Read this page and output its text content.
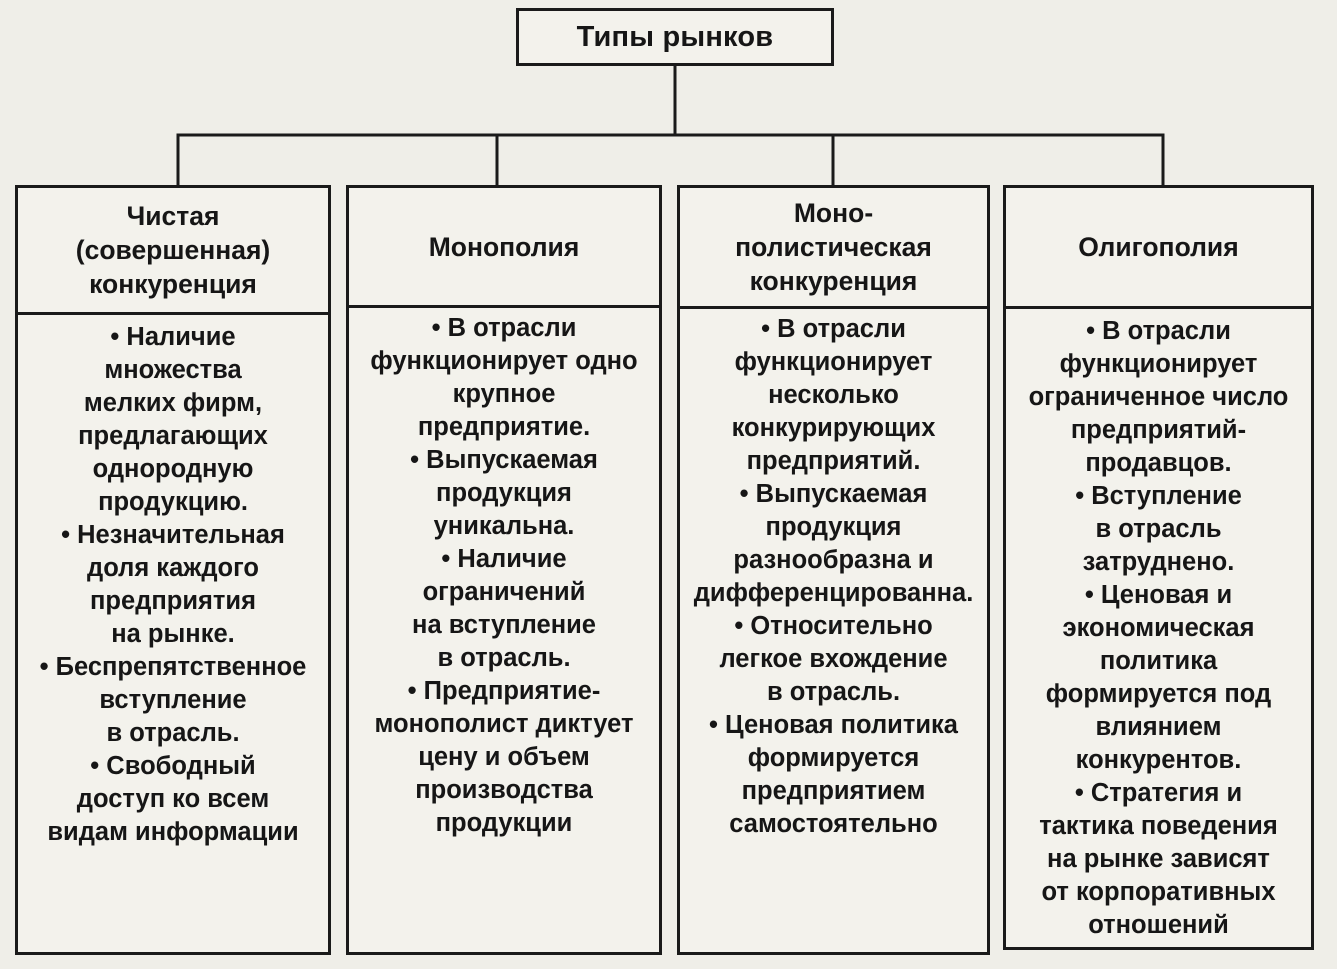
Типы рынков
Чистая
(совершенная)
конкуренция
• Наличие
множества
мелких фирм,
предлагающих
однородную
продукцию.
• Незначительная
доля каждого
предприятия
на рынке.
• Беспрепятственное
вступление
в отрасль.
• Свободный
доступ ко всем
видам информации
Монополия
• В отрасли
функционирует одно
крупное
предприятие.
• Выпускаемая
продукция
уникальна.
• Наличие
ограничений
на вступление
в отрасль.
• Предприятие-
монополист диктует
цену и объем
производства
продукции
Моно-
полистическая
конкуренция
• В отрасли
функционирует
несколько
конкурирующих
предприятий.
• Выпускаемая
продукция
разнообразна и
дифференцированна.
• Относительно
легкое вхождение
в отрасль.
• Ценовая политика
формируется
предприятием
самостоятельно
Олигополия
• В отрасли
функционирует
ограниченное число
предприятий-
продавцов.
• Вступление
в отрасль
затруднено.
• Ценовая и
экономическая
политика
формируется под
влиянием
конкурентов.
• Стратегия и
тактика поведения
на рынке зависят
от корпоративных
отношений
